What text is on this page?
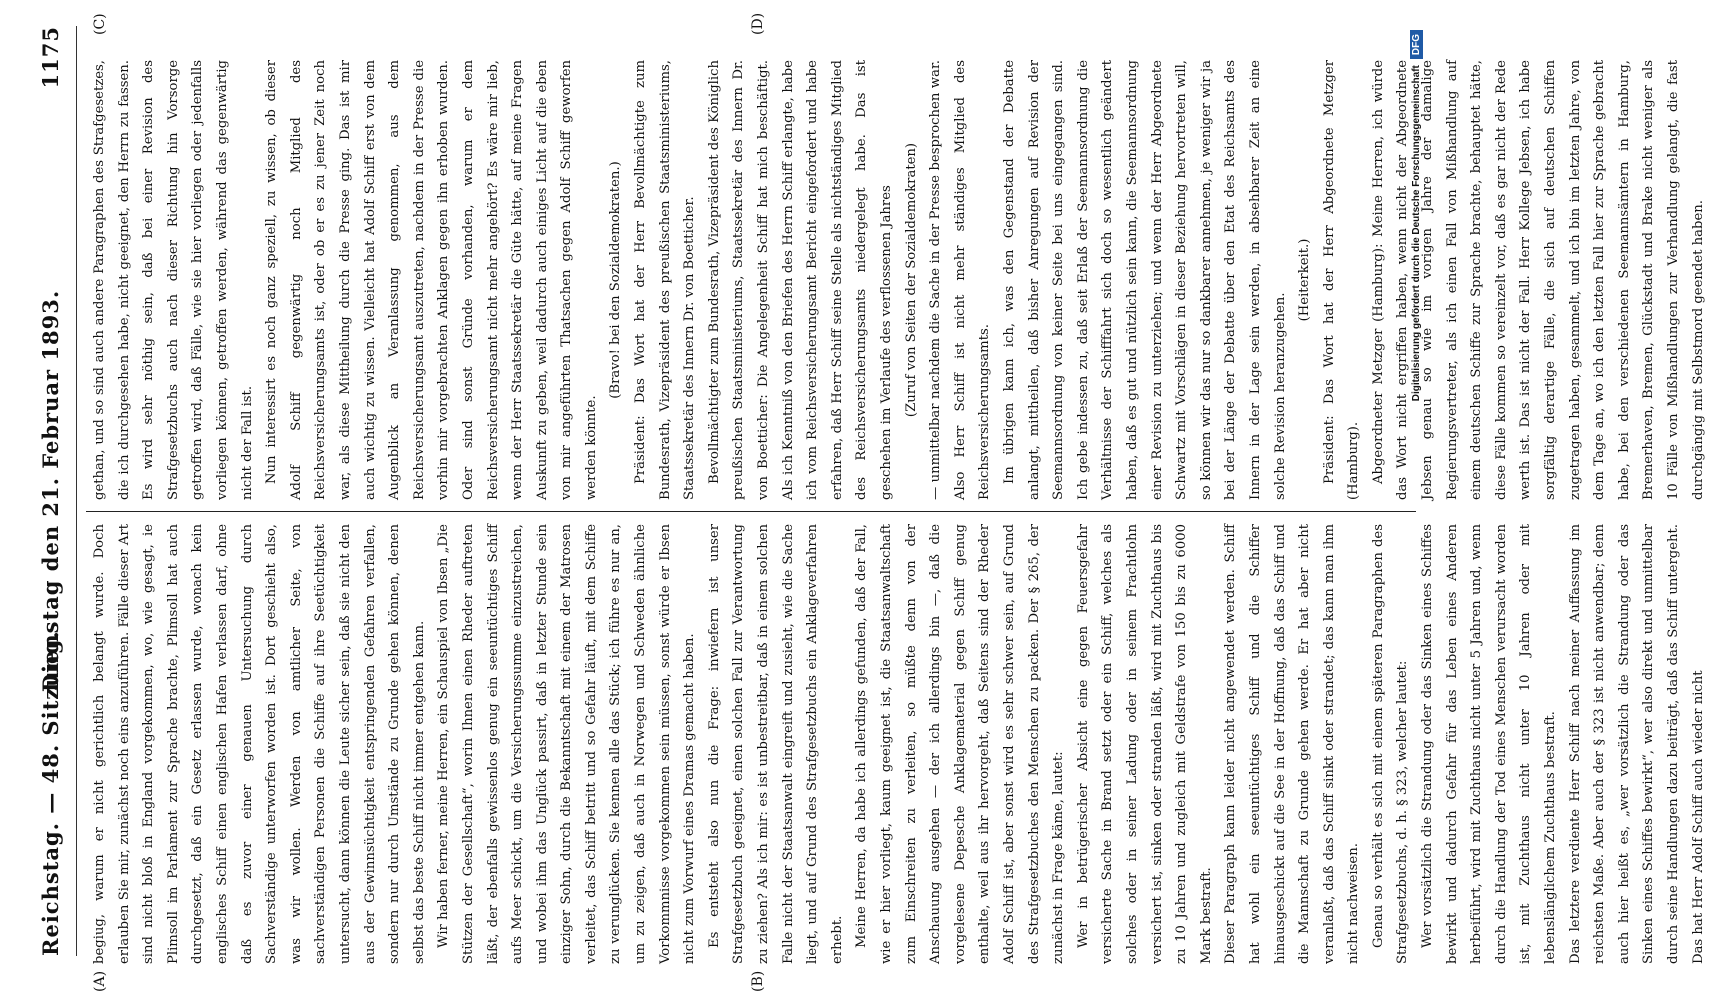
Reichstag. — 48. Sitzung.
Dienstag den 21. Februar 1893.
1175
(A)	(B)
(C)	(D)

begiug, warum er nicht gerichtlich belangt wurde. Doch erlauben Sie mir, zunächst noch eins anzuführen. Fälle dieser Art sind nicht bloß in England vorgekommen, wo, wie gesagt, ie Plimsoll im Parlament zur Sprache brachte, Plimsoll hat auch durchgesetzt, daß ein Gesetz erlassen wurde, wonach kein englisches Schiff einen englischen Hafen verlassen darf, ohne daß es zuvor einer genauen Untersuchung durch Sachverständige unterworfen worden ist. Dort geschieht also, was wir wollen. Werden von amtlicher Seite, von sachverständigen Personen die Schiffe auf ihre Seetüchtigkeit untersucht, dann können die Leute sicher sein, daß sie nicht den aus der Gewinnsüchtigkeit entspringenden Gefahren verfallen, sondern nur durch Umstände zu Grunde gehen können, denen selbst das beste Schiff nicht immer entgehen kann. Wir haben ferner, meine Herren, ein Schauspiel von Ibsen „Die Stützen der Gesellschaft“, worin Ihnen einen Rheder auftreten läßt, der ebenfalls gewissenlos genug ein seeuntüchtiges Schiff aufs Meer schickt, um die Versicherungssumme einzustreichen, und wobei ihm das Unglück passirt, daß in letzter Stunde sein einziger Sohn, durch die Bekanntschaft mit einem der Matrosen verleitet, das Schiff betritt und so Gefahr läuft, mit dem Schiffe zu verunglücken. Sie kennen alle das Stück; ich führe es nur an, um zu zeigen, daß auch in Norwegen und Schweden ähnliche Vorkommnisse vorgekommen sein müssen, sonst würde er Ibsen nicht zum Vorwurf eines Dramas gemacht haben. Es entsteht also nun die Frage: inwiefern ist unser Strafgesetzbuch geeignet, einen solchen Fall zur Verantwortung zu ziehen? Als ich mir: es ist unbestreitbar, daß in einem solchen Falle nicht der Staatsanwalt eingreift und zusieht, wie die Sache liegt, und auf Grund des Strafgesetzbuchs ein Anklageverfahren erhebt. Meine Herren, da habe ich allerdings gefunden, daß der Fall, wie er hier vorliegt, kaum geeignet ist, die Staatsanwaltschaft zum Einschreiten zu verleiten, so müßte denn von der Anschauung ausgehen — der ich allerdings bin —, daß die vorgelesene Depesche Anklagematerial gegen Schiff genug enthalte, weil aus ihr hervorgeht, daß Seitens sind der Rheder Adolf Schiff ist, aber sonst wird es sehr schwer sein, auf Grund des Strafgesetzbuches den Menschen zu packen. Der § 265, der zunächst in Frage käme, lautet: Wer in betrügerischer Absicht eine gegen Feuersgefahr versicherte Sache in Brand setzt oder ein Schiff, welches als solches oder in seiner Ladung oder in seinem Frachtlohn versichert ist, sinken oder stranden läßt, wird mit Zuchthaus bis zu 10 Jahren und zugleich mit Geldstrafe von 150 bis zu 6000 Mark bestraft. Dieser Paragraph kann leider nicht angewendet werden. Schiff hat wohl ein seeuntüchtiges Schiff und die Schiffer hinausgeschickt auf die See in der Hoffnung, daß das Schiff und die Mannschaft zu Grunde gehen werde. Er hat aber nicht veranlaßt, daß das Schiff sinkt oder strandet; das kann man ihm nicht nachweisen. Genau so verhält es sich mit einem späteren Paragraphen des Strafgesetzbuchs, d. h. § 323, welcher lautet: Wer vorsätzlich die Strandung oder das Sinken eines Schiffes bewirkt und dadurch Gefahr für das Leben eines Anderen herbeiführt, wird mit Zuchthaus nicht unter 5 Jahren und, wenn durch die Handlung der Tod eines Menschen verursacht worden ist, mit Zuchthaus nicht unter 10 Jahren oder mit lebenslänglichem Zuchthaus bestraft. Das letztere verdiente Herr Schiff nach meiner Auffassung im reichsten Maße. Aber auch der § 323 ist nicht anwendbar; denn auch hier heißt es, „wer vorsätzlich die Strandung oder das Sinken eines Schiffes bewirkt“, wer also direkt und unmittelbar durch seine Handlungen dazu beiträgt, daß das Schiff untergeht. Das hat Herr Adolf Schiff auch wieder nicht

gethan, und so sind auch andere Paragraphen des Strafgesetzes, die ich durchgesehen habe, nicht geeignet, den Herrn zu fassen. Es wird sehr nöthig sein, daß bei einer Revision des Strafgesetzbuchs auch nach dieser Richtung hin Vorsorge getroffen wird, daß Fälle, wie sie hier vorliegen oder jedenfalls vorliegen können, getroffen werden, während das gegenwärtig nicht der Fall ist. Nun interessirt es noch ganz speziell, zu wissen, ob dieser Adolf Schiff gegenwärtig noch Mitglied des Reichsversicherungsamts ist, oder ob er es zu jener Zeit noch war, als diese Mittheilung durch die Presse ging. Das ist mir auch wichtig zu wissen. Vielleicht hat Adolf Schiff erst von dem Augenblick an Veranlassung genommen, aus dem Reichsversicherungsamt auszutreten, nachdem in der Presse die vorhin mir vorgebrachten Anklagen gegen ihn erhoben wurden. Oder sind sonst Gründe vorhanden, warum er dem Reichsversicherungsamt nicht mehr angehört? Es wäre mir lieb, wenn der Herr Staatssekretär die Güte hätte, auf meine Fragen Auskunft zu geben, weil dadurch auch einiges Licht auf die eben von mir angeführten Thatsachen gegen Adolf Schiff geworfen werden könnte.

(Bravo! bei den Sozialdemokraten.) Präsident: Das Wort hat der Herr Bevollmächtigte zum Bundesrath, Vizepräsident des preußischen Staatsministeriums, Staatssekretär des Innern Dr. von Boetticher. Bevollmächtigter zum Bundesrath, Vizepräsident des Königlich preußischen Staatsministeriums, Staatssekretär des Innern Dr. von Boetticher: Die Angelegenheit Schiff hat mich beschäftigt. Als ich Kenntniß von den Briefen des Herrn Schiff erlangte, habe ich vom Reichsversicherungsamt Bericht eingefordert und habe erfahren, daß Herr Schiff seine Stelle als nichtständiges Mitglied des Reichsversicherungsamts niedergelegt habe. Das ist geschehen im Verlaufe des verflossenen Jahres (Zuruf von Seiten der Sozialdemokraten) — unmittelbar nachdem die Sache in der Presse besprochen war. Also Herr Schiff ist nicht mehr ständiges Mitglied des Reichsversicherungsamts. Im übrigen kann ich, was den Gegenstand der Debatte anlangt, mittheilen, daß bisher Anregungen auf Revision der Seemannsordnung von keiner Seite bei uns eingegangen sind. Ich gebe indessen zu, daß seit Erlaß der Seemannsordnung die Verhältnisse der Schifffahrt sich doch so wesentlich geändert haben, daß es gut und nützlich sein kann, die Seemannsordnung einer Revision zu unterziehen; und wenn der Herr Abgeordnete Schwartz mit Vorschlägen in dieser Beziehung hervortreten will, so können wir das nur so dankbarer annehmen, je weniger wir ja bei der Länge der Debatte über den Etat des Reichsamts des Innern in der Lage sein werden, in absehbarer Zeit an eine solche Revision heranzugehen.

(Heiterkeit.) Präsident: Das Wort hat der Herr Abgeordnete Metzger (Hamburg). Abgeordneter Metzger (Hamburg): Meine Herren, ich würde das Wort nicht ergriffen haben, wenn nicht der Abgeordnete Jebsen genau so wie im vorigen Jahre der damalige Regierungsvertreter, als ich einen Fall von Mißhandlung auf einem deutschen Schiffe zur Sprache brachte, behauptet hätte, diese Fälle kommen so vereinzelt vor, daß es gar nicht der Rede werth ist. Das ist nicht der Fall. Herr Kollege Jebsen, ich habe sorgfältig derartige Fälle, die sich auf deutschen Schiffen zugetragen haben, gesammelt, und ich bin im letzten Jahre, von dem Tage an, wo ich den letzten Fall hier zur Sprache gebracht habe, bei den verschiedenen Seemannsämtern in Hamburg, Bremerhaven, Bremen, Glückstadt und Brake nicht weniger als 10 Fälle von Mißhandlungen zur Verhandlung gelangt, die fast durchgängig mit Selbstmord geendet haben.

Digitalisierung gefördert durch die Deutsche ForschungsgemeinschaftDFG
